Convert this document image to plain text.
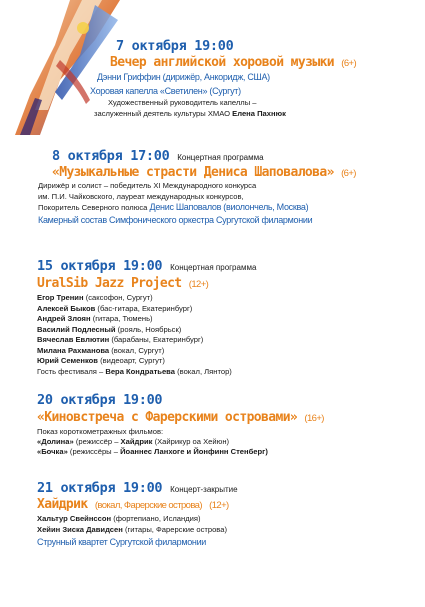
7 октября 19:00
Вечер английской хоровой музыки (6+)
Дэнни Гриффин (дирижёр, Анкоридж, США)
Хоровая капелла «Светилен» (Сургут)
Художественный руководитель капеллы –
заслуженный деятель культуры ХМАО Елена Пахнюк
8 октября 17:00 Концертная программа
«Музыкальные страсти Дениса Шаповалова» (6+)
Дирижёр и солист – победитель XI Международного конкурса
им. П.И. Чайковского, лауреат международных конкурсов,
Покоритель Северного полюса Денис Шаповалов (виолончель, Москва)
Камерный состав Симфонического оркестра Сургутской филармонии
15 октября 19:00 Концертная программа
UralSib Jazz Project (12+)
Егор Тренин (саксофон, Сургут)
Алексей Быков (бас-гитара, Екатеринбург)
Андрей Злоян (гитара, Тюмень)
Василий Подлесный (рояль, Ноябрьск)
Вячеслав Евлютин (барабаны, Екатеринбург)
Милана Рахманова (вокал, Сургут)
Юрий Семенков (видеоарт, Сургут)
Гость фестиваля – Вера Кондратьева (вокал, Лянтор)
20 октября 19:00
«Киновстреча с Фарерскими островами» (16+)
Показ короткометражных фильмов:
«Долина» (режиссёр – Хайдрик (Хайрикур оа Хейюн)
«Бочка» (режиссёры – Йоаннес Ланхоге и Йонфинн Стенберг)
21 октября 19:00 Концерт-закрытие
Хайдрик (вокал, Фарерские острова) (12+)
Хальтур Свейнссон (фортепиано, Исландия)
Хейин Зиска Давидсен (гитары, Фарерские острова)
Струнный квартет Сургутской филармонии
